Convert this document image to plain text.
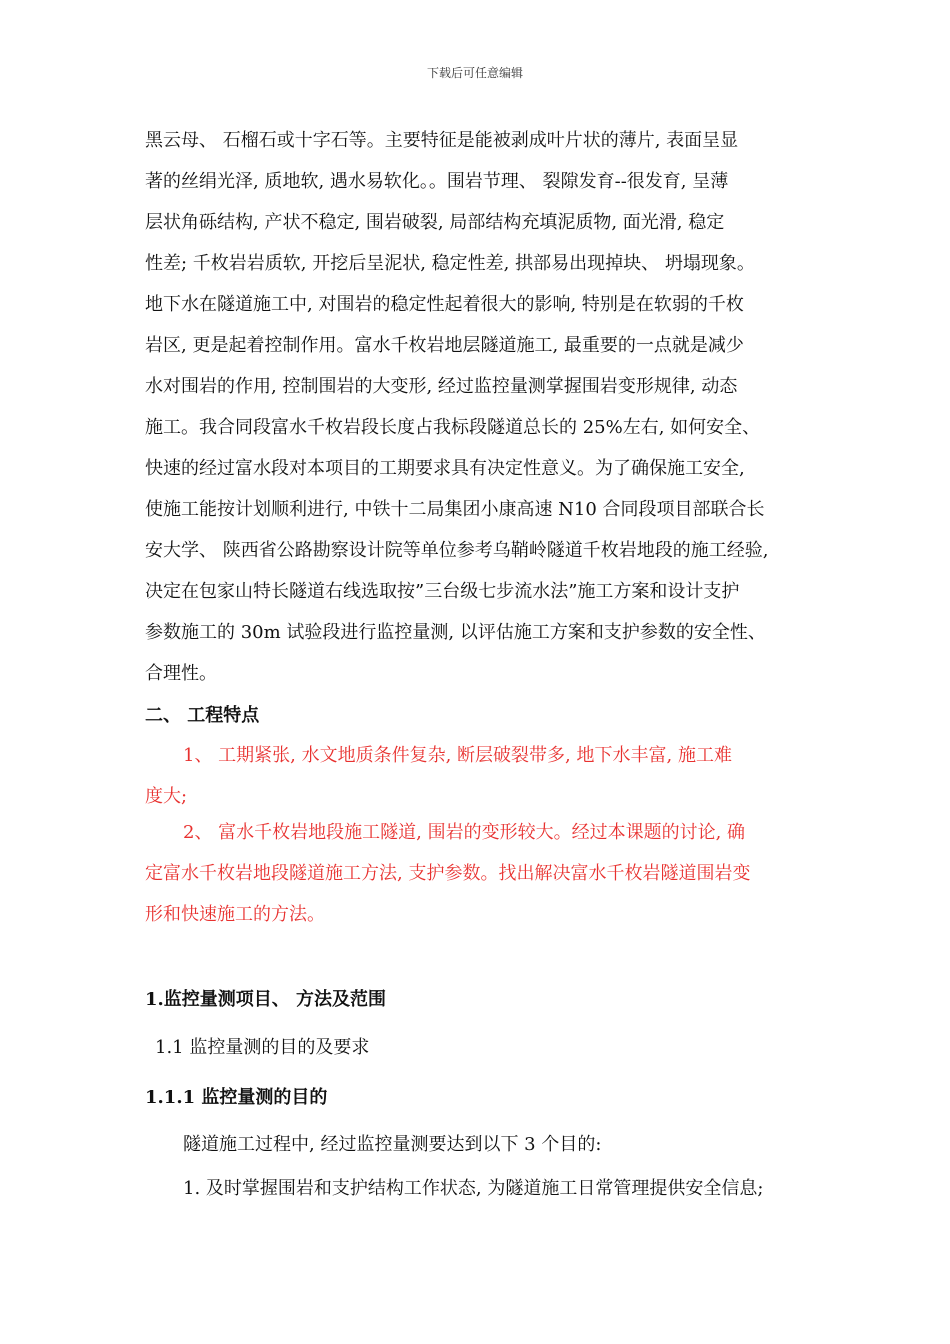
下载后可任意编辑
黑云母、 石榴石或十字石等。主要特征是能被剥成叶片状的薄片, 表面呈显
著的丝绢光泽, 质地软, 遇水易软化。。围岩节理、 裂隙发育--很发育, 呈薄
层状角砾结构, 产状不稳定, 围岩破裂, 局部结构充填泥质物, 面光滑, 稳定
性差; 千枚岩岩质软, 开挖后呈泥状, 稳定性差, 拱部易出现掉块、 坍塌现象。
地下水在隧道施工中, 对围岩的稳定性起着很大的影响, 特别是在软弱的千枚
岩区, 更是起着控制作用。富水千枚岩地层隧道施工, 最重要的一点就是减少
水对围岩的作用, 控制围岩的大变形, 经过监控量测掌握围岩变形规律, 动态
施工。我合同段富水千枚岩段长度占我标段隧道总长的 25%左右, 如何安全、
快速的经过富水段对本项目的工期要求具有决定性意义。为了确保施工安全,
使施工能按计划顺利进行, 中铁十二局集团小康高速 N10 合同段项目部联合长
安大学、 陕西省公路勘察设计院等单位参考乌鞘岭隧道千枚岩地段的施工经验,
决定在包家山特长隧道右线选取按”三台级七步流水法”施工方案和设计支护
参数施工的 30m 试验段进行监控量测, 以评估施工方案和支护参数的安全性、
合理性。
二、 工程特点
1、 工期紧张, 水文地质条件复杂, 断层破裂带多, 地下水丰富, 施工难
度大;
2、 富水千枚岩地段施工隧道, 围岩的变形较大。经过本课题的讨论, 确
定富水千枚岩地段隧道施工方法, 支护参数。找出解决富水千枚岩隧道围岩变
形和快速施工的方法。
1.监控量测项目、 方法及范围
1.1 监控量测的目的及要求
1.1.1 监控量测的目的
隧道施工过程中, 经过监控量测要达到以下 3 个目的:
1. 及时掌握围岩和支护结构工作状态, 为隧道施工日常管理提供安全信息;
